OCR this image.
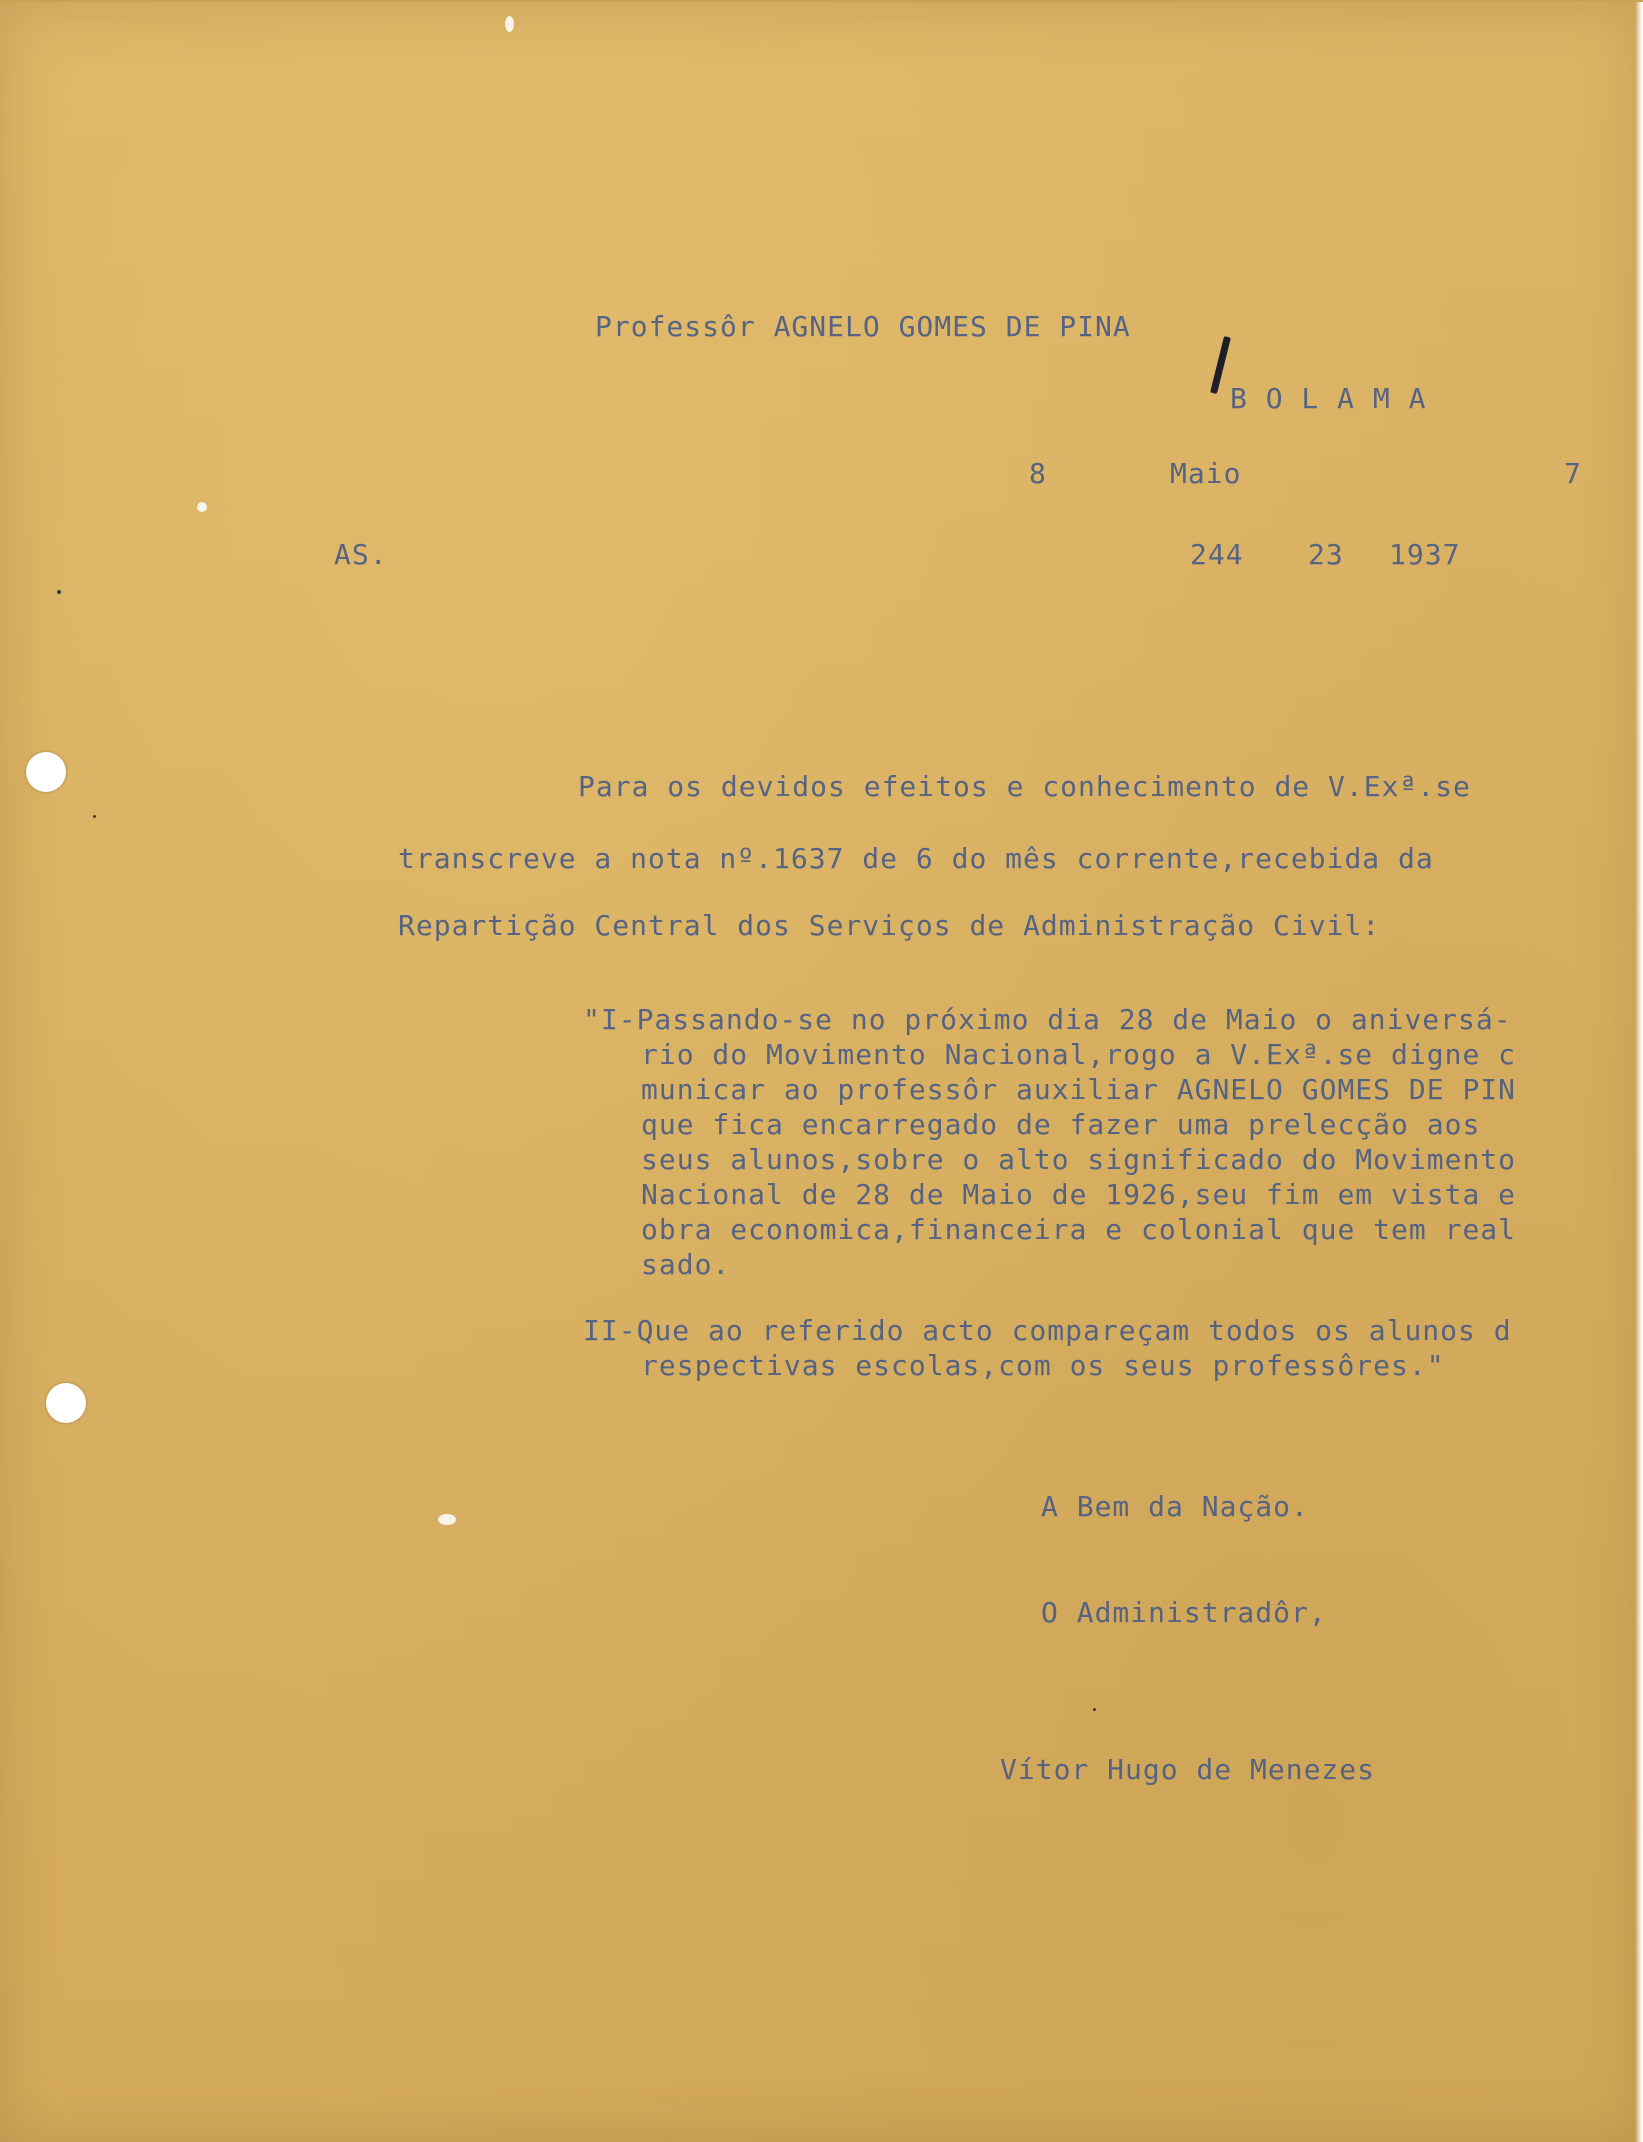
Professôr AGNELO GOMES DE PINA
B O L A M A
8	Maio	7
AS.	244 23 1937
Para os devidos efeitos e conhecimento de V.Exª.se
transcreve a nota nº.1637 de 6 do mês corrente,recebida da
Repartição Central dos Serviços de Administração Civil:
"I-Passando-se no próximo dia 28 de Maio o aniversá-
rio do Movimento Nacional,rogo a V.Exª.se digne c
municar ao professôr auxiliar AGNELO GOMES DE PIN
que fica encarregado de fazer uma prelecção aos
seus alunos,sobre o alto significado do Movimento
Nacional de 28 de Maio de 1926,seu fim em vista e
obra economica,financeira e colonial que tem real
sado.
II-Que ao referido acto compareçam todos os alunos d
respectivas escolas,com os seus professôres."
A Bem da Nação.
O Administradôr,
Vítor Hugo de Menezes
